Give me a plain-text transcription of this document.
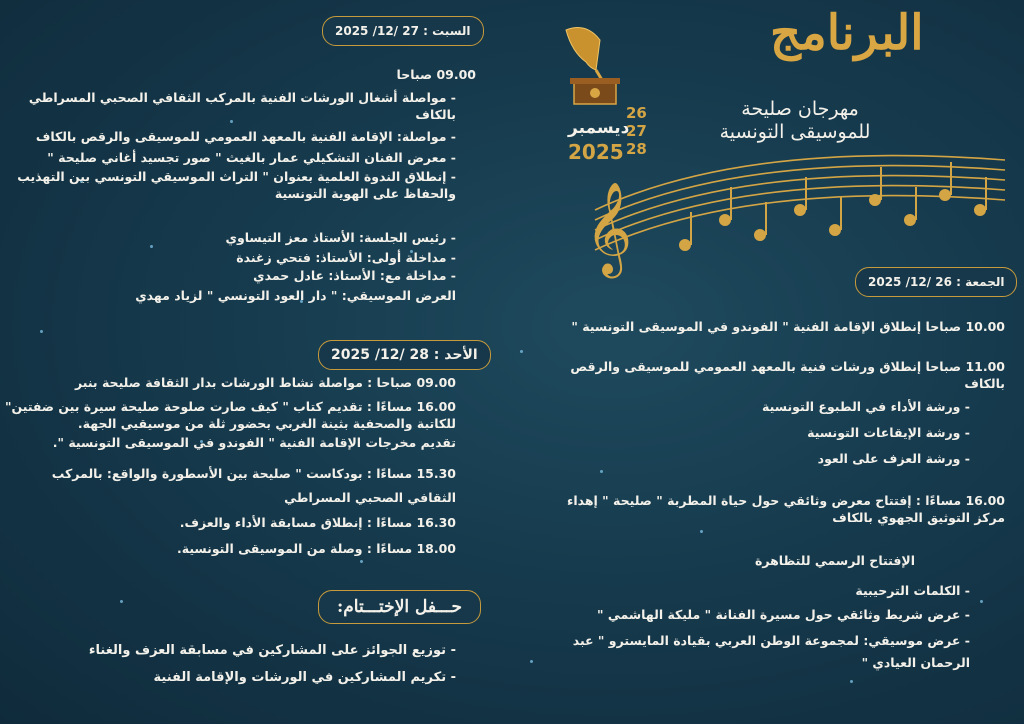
البرنامج
مهرجان صليحة
للموسيقى التونسية
26
27
28
ديسمبر
2025
𝄞
السبت : 27 /12/ 2025
09.00 صباحا
- مواصلة أشغال الورشات الفنية بالمركب الثقافي الصحبي المسراطي بالكاف
- مواصلة: الإقامة الفنية بالمعهد العمومي للموسيقى والرقص بالكاف
- معرض الفنان التشكيلي عمار بالغيث " صور تجسيد أغاني صليحة "
- إنطلاق الندوة العلمية بعنوان " التراث الموسيقي التونسي بين التهذيب والحفاظ على الهوية التونسية
- رئيس الجلسة: الأستاذ معز التيساوي
- مداخلة أولى: الأستاذ: فتحي زغندة
- مداخلة مع: الأستاذ: عادل حمدي
العرض الموسيقي: " دار العود التونسي " لزياد مهدي
الأحد : 28 /12/ 2025
09.00 صباحا : مواصلة نشاط الورشات بدار الثقافة صليحة بنبر
16.00 مساءًا : تقديم كتاب " كيف صارت صلوحة صليحة سيرة بين ضفتين" للكاتبة والصحفية بثينة الغربي بحضور ثلة من موسيقيي الجهة.
تقديم مخرجات الإقامة الفنية " الفوندو في الموسيقى التونسية ".
15.30 مساءًا : بودكاست " صليحة بين الأسطورة والواقع: بالمركب الثقافي الصحبي المسراطي
16.30 مساءًا : إنطلاق مسابقة الأداء والعزف.
18.00 مساءًا : وصلة من الموسيقى التونسية.
حـــفل الإختـــتام:
- توزيع الجوائز على المشاركين في مسابقة العزف والغناء
- تكريم المشاركين في الورشات والإقامة الفنية
الجمعة : 26 /12/ 2025
10.00 صباحا إنطلاق الإقامة الفنية " الفوندو في الموسيقى التونسية "
11.00 صباحا إنطلاق ورشات فنية بالمعهد العمومي للموسيقى والرقص بالكاف
- ورشة الأداء في الطبوع التونسية
- ورشة الإيقاعات التونسية
- ورشة العزف على العود
16.00 مساءًا : إفتتاح معرض وثائقي حول حياة المطربة " صليحة " إهداء مركز التوثيق الجهوي بالكاف
الإفتتاح الرسمي للتظاهرة
- الكلمات الترحيبية
- عرض شريط وثائقي حول مسيرة الفنانة " مليكة الهاشمي "
- عرض موسيقي: لمجموعة الوطن العربي بقيادة المايسترو " عبد الرحمان العيادي "
